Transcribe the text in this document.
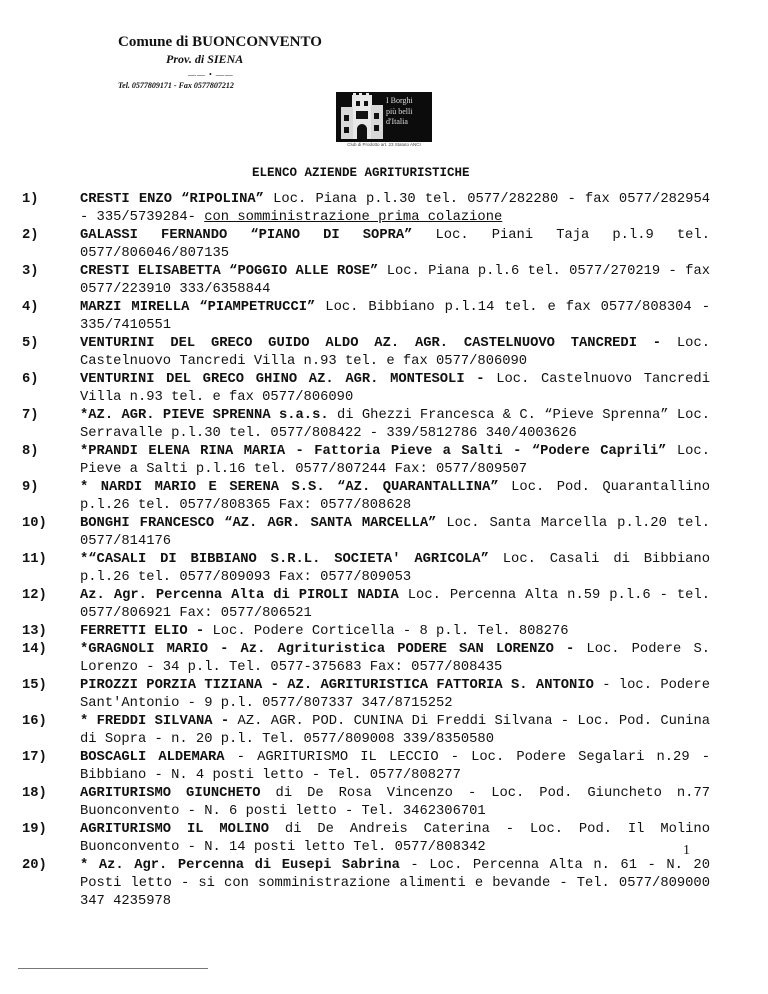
Comune di BUONCONVENTO
Prov. di SIENA
—— • ——
Tel. 0577809171 - Fax 0577807212
I Borghi
più belli
d'Italia
Club di Prodotto art. 23 Statuto ANCI
ELENCO AZIENDE AGRITURISTICHE
1)	CRESTI ENZO “RIPOLINA” Loc. Piana p.l.30 tel. 0577/282280 - fax 0577/282954 - 335/5739284- con somministrazione prima colazione
2)	GALASSI FERNANDO “PIANO DI SOPRA” Loc. Piani Taja p.l.9 tel. 0577/806046/807135
3)	CRESTI ELISABETTA “POGGIO ALLE ROSE” Loc. Piana p.l.6 tel. 0577/270219 - fax 0577/223910 333/6358844
4)	MARZI MIRELLA “PIAMPETRUCCI” Loc. Bibbiano p.l.14 tel. e fax 0577/808304 - 335/7410551
5)	VENTURINI DEL GRECO GUIDO ALDO AZ. AGR. CASTELNUOVO TANCREDI - Loc. Castelnuovo Tancredi Villa n.93 tel. e fax 0577/806090
6)	VENTURINI DEL GRECO GHINO AZ. AGR. MONTESOLI - Loc. Castelnuovo Tancredi Villa n.93 tel. e fax 0577/806090
7)	*AZ. AGR. PIEVE SPRENNA s.a.s. di Ghezzi Francesca & C. “Pieve Sprenna” Loc. Serravalle p.l.30 tel. 0577/808422 - 339/5812786 340/4003626
8)	*PRANDI ELENA RINA MARIA - Fattoria Pieve a Salti - “Podere Caprili” Loc. Pieve a Salti p.l.16 tel. 0577/807244 Fax: 0577/809507
9)	* NARDI MARIO E SERENA S.S. “AZ. QUARANTALLINA” Loc. Pod. Quarantallino p.l.26 tel. 0577/808365 Fax: 0577/808628
10) BONGHI FRANCESCO “AZ. AGR. SANTA MARCELLA” Loc. Santa Marcella p.l.20 tel. 0577/814176
11) *“CASALI DI BIBBIANO S.R.L. SOCIETA' AGRICOLA” Loc. Casali di Bibbiano p.l.26 tel. 0577/809093 Fax: 0577/809053
12) Az. Agr. Percenna Alta di PIROLI NADIA Loc. Percenna Alta n.59 p.l.6 - tel. 0577/806921 Fax: 0577/806521
13) FERRETTI ELIO - Loc. Podere Corticella - 8 p.l. Tel. 808276
14) *GRAGNOLI MARIO - Az. Agrituristica PODERE SAN LORENZO - Loc. Podere S. Lorenzo - 34 p.l. Tel. 0577-375683 Fax: 0577/808435
15) PIROZZI PORZIA TIZIANA - AZ. AGRITURISTICA FATTORIA S. ANTONIO - loc. Podere Sant'Antonio - 9 p.l. 0577/807337 347/8715252
16) * FREDDI SILVANA - AZ. AGR. POD. CUNINA Di Freddi Silvana - Loc. Pod. Cunina di Sopra - n. 20 p.l. Tel. 0577/809008 339/8350580
17) BOSCAGLI ALDEMARA - AGRITURISMO IL LECCIO - Loc. Podere Segalari n.29 - Bibbiano - N. 4 posti letto - Tel. 0577/808277
18) AGRITURISMO GIUNCHETO di De Rosa Vincenzo - Loc. Pod. Giuncheto n.77 Buonconvento - N. 6 posti letto - Tel. 3462306701
19) AGRITURISMO IL MOLINO di De Andreis Caterina - Loc. Pod. Il Molino Buonconvento - N. 14 posti letto Tel. 0577/808342
20) * Az. Agr. Percenna di Eusepi Sabrina - Loc. Percenna Alta n. 61 - N. 20 Posti letto - si con somministrazione alimenti e bevande - Tel. 0577/809000 347 4235978
1
